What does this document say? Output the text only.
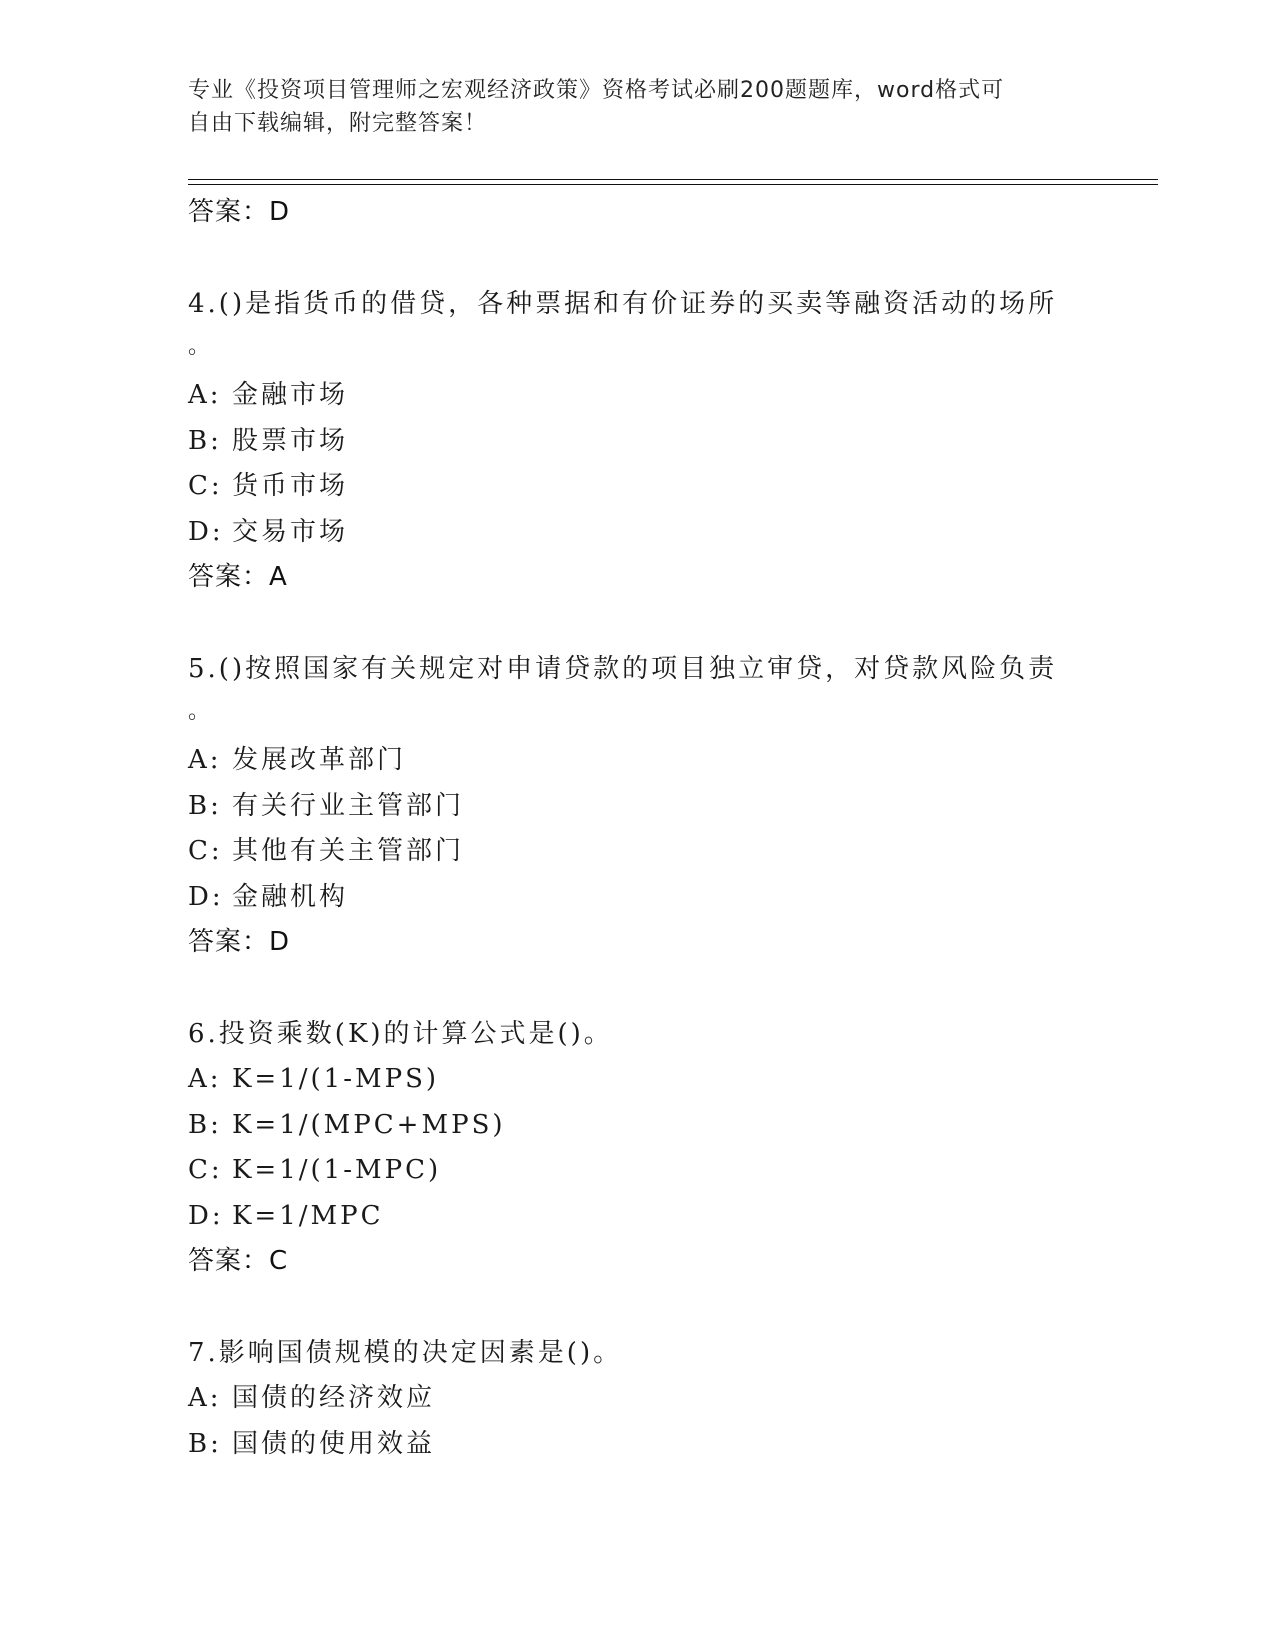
专业《投资项目管理师之宏观经济政策》资格考试必刷200题题库，word格式可
自由下载编辑，附完整答案！
答案：D
4.()是指货币的借贷，各种票据和有价证券的买卖等融资活动的场所
。
A: 金融市场
B: 股票市场
C: 货币市场
D: 交易市场
答案：A
5.()按照国家有关规定对申请贷款的项目独立审贷，对贷款风险负责
。
A: 发展改革部门
B: 有关行业主管部门
C: 其他有关主管部门
D: 金融机构
答案：D
6.投资乘数(K)的计算公式是()。
A: K=1/(1-MPS)
B: K=1/(MPC+MPS)
C: K=1/(1-MPC)
D: K=1/MPC
答案：C
7.影响国债规模的决定因素是()。
A: 国债的经济效应
B: 国债的使用效益
